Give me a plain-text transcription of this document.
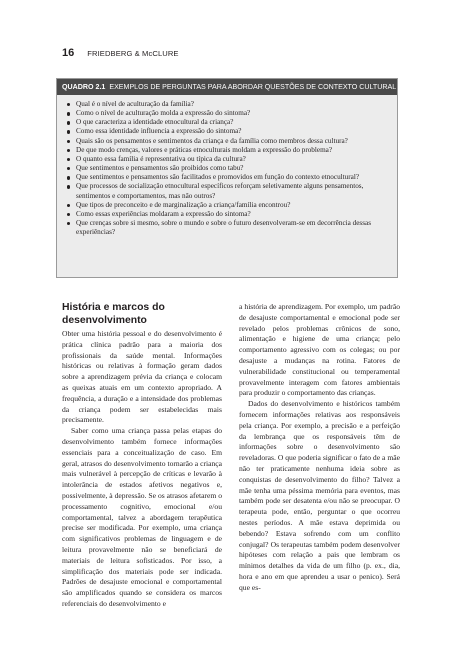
16 FRIEDBERG & McCLURE
QUADRO 2.1 EXEMPLOS DE PERGUNTAS PARA ABORDAR QUESTÕES DE CONTEXTO CULTURAL
Qual é o nível de aculturação da família?
Como o nível de aculturação molda a expressão do sintoma?
O que caracteriza a identidade etnocultural da criança?
Como essa identidade influencia a expressão do sintoma?
Quais são os pensamentos e sentimentos da criança e da família como membros dessa cultura?
De que modo crenças, valores e práticas etnoculturais moldam a expressão do problema?
O quanto essa família é representativa ou típica da cultura?
Que sentimentos e pensamentos são proibidos como tabu?
Que sentimentos e pensamentos são facilitados e promovidos em função do contexto etnocultural?
Que processos de socialização etnocultural específicos reforçam seletivamente alguns pensamentos, sentimentos e comportamentos, mas não outros?
Que tipos de preconceito e de marginalização a criança/família encontrou?
Como essas experiências moldaram a expressão do sintoma?
Que crenças sobre si mesmo, sobre o mundo e sobre o futuro desenvolveram-se em decorrência dessas experiências?
História e marcos do desenvolvimento

Obter uma história pessoal e do desenvolvimento é prática clínica padrão para a maioria dos profissionais da saúde mental. Informações históricas ou relativas à formação geram dados sobre a aprendizagem prévia da criança e colocam as queixas atuais em um contexto apropriado. A frequência, a duração e a intensidade dos problemas da criança podem ser estabelecidas mais precisamente.

Saber como uma criança passa pelas etapas do desenvolvimento também fornece informações essenciais para a conceitualização de caso. Em geral, atrasos do desenvolvimento tornarão a criança mais vulnerável à percepção de críticas e levarão à intolerância de estados afetivos negativos e, possivelmente, à depressão. Se os atrasos afetarem o processamento cognitivo, emocional e/ou comportamental, talvez a abordagem terapêutica precise ser modificada. Por exemplo, uma criança com significativos problemas de linguagem e de leitura provavelmente não se beneficiará de materiais de leitura sofisticados. Por isso, a simplificação dos materiais pode ser indicada. Padrões de desajuste emocional e comportamental são amplificados quando se considera os marcos referenciais do desenvolvimento e

a história de aprendizagem. Por exemplo, um padrão de desajuste comportamental e emocional pode ser revelado pelos problemas crônicos de sono, alimentação e higiene de uma criança; pelo comportamento agressivo com os colegas; ou por desajuste a mudanças na rotina. Fatores de vulnerabilidade constitucional ou temperamental provavelmente interagem com fatores ambientais para produzir o comportamento das crianças.

Dados do desenvolvimento e históricos também fornecem informações relativas aos responsáveis pela criança. Por exemplo, a precisão e a perfeição da lembrança que os responsáveis têm de informações sobre o desenvolvimento são reveladoras. O que poderia significar o fato de a mãe não ter praticamente nenhuma ideia sobre as conquistas de desenvolvimento do filho? Talvez a mãe tenha uma péssima memória para eventos, mas também pode ser desatenta e/ou não se preocupar. O terapeuta pode, então, perguntar o que ocorreu nestes períodos. A mãe estava deprimida ou bebendo? Estava sofrendo com um conflito conjugal? Os terapeutas também podem desenvolver hipóteses com relação a pais que lembram os mínimos detalhes da vida de um filho (p. ex., dia, hora e ano em que aprendeu a usar o penico). Será que es-
